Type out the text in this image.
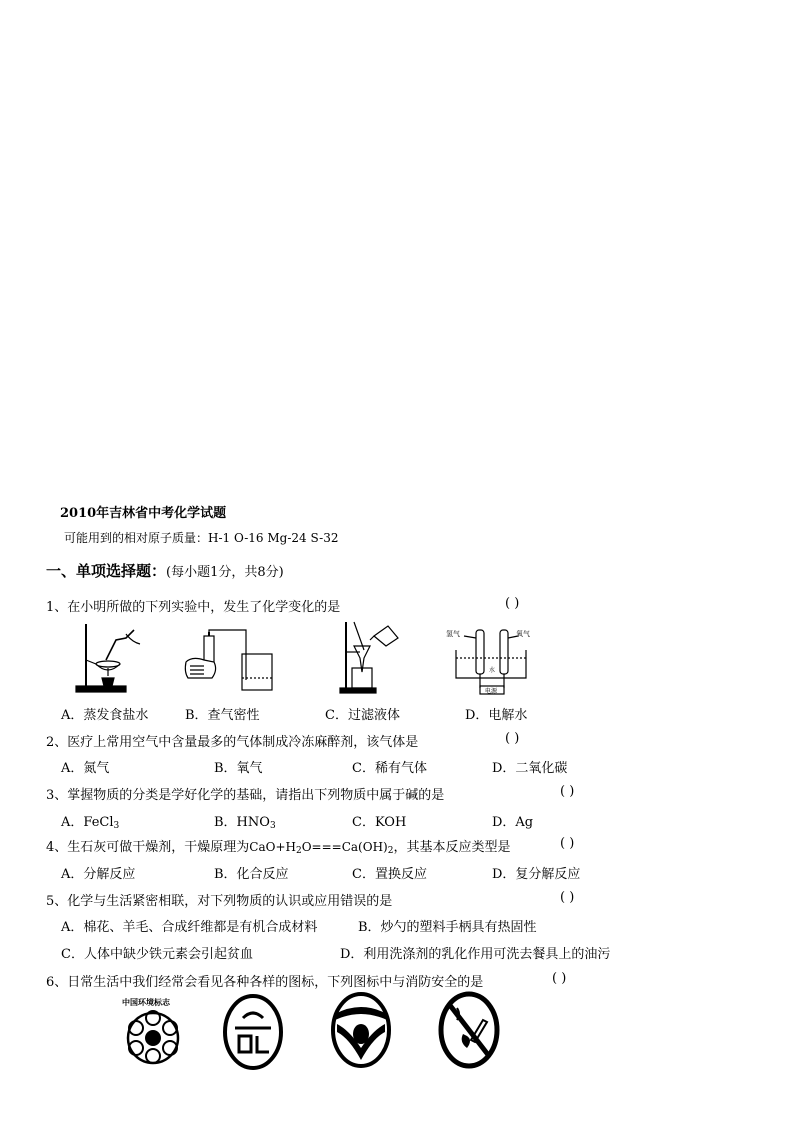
2010年吉林省中考化学试题
可能用到的相对原子质量：H-1 O-16 Mg-24 S-32
一、单项选择题：(每小题1分，共8分)
1、在小明所做的下列实验中，发生了化学变化的是	( )
氢气	氧气
水
电源
A．蒸发食盐水	B．查气密性	C．过滤液体	D．电解水
2、医疗上常用空气中含量最多的气体制成冷冻麻醉剂，该气体是	( )
A．氮气	B．氧气	C．稀有气体	D．二氧化碳
3、掌握物质的分类是学好化学的基础，请指出下列物质中属于碱的是	( )
A．FeCl$_3$	B．$HNO_3$	C．KOH	D．Ag
4、生石灰可做干燥剂，干燥原理为$CaO+H_2O===Ca(OH)_2$，其基本反应类型是	( )
A．分解反应	B．化合反应	C．置换反应	D．复分解反应
5、化学与生活紧密相联，对下列物质的认识或应用错误的是	( )
A．棉花、羊毛、合成纤维都是有机合成材料	B．炒勺的塑料手柄具有热固性
C．人体中缺少铁元素会引起贫血	D．利用洗涤剂的乳化作用可洗去餐具上的油污
6、日常生活中我们经常会看见各种各样的图标，下列图标中与消防安全的是	( )
中国环境标志
